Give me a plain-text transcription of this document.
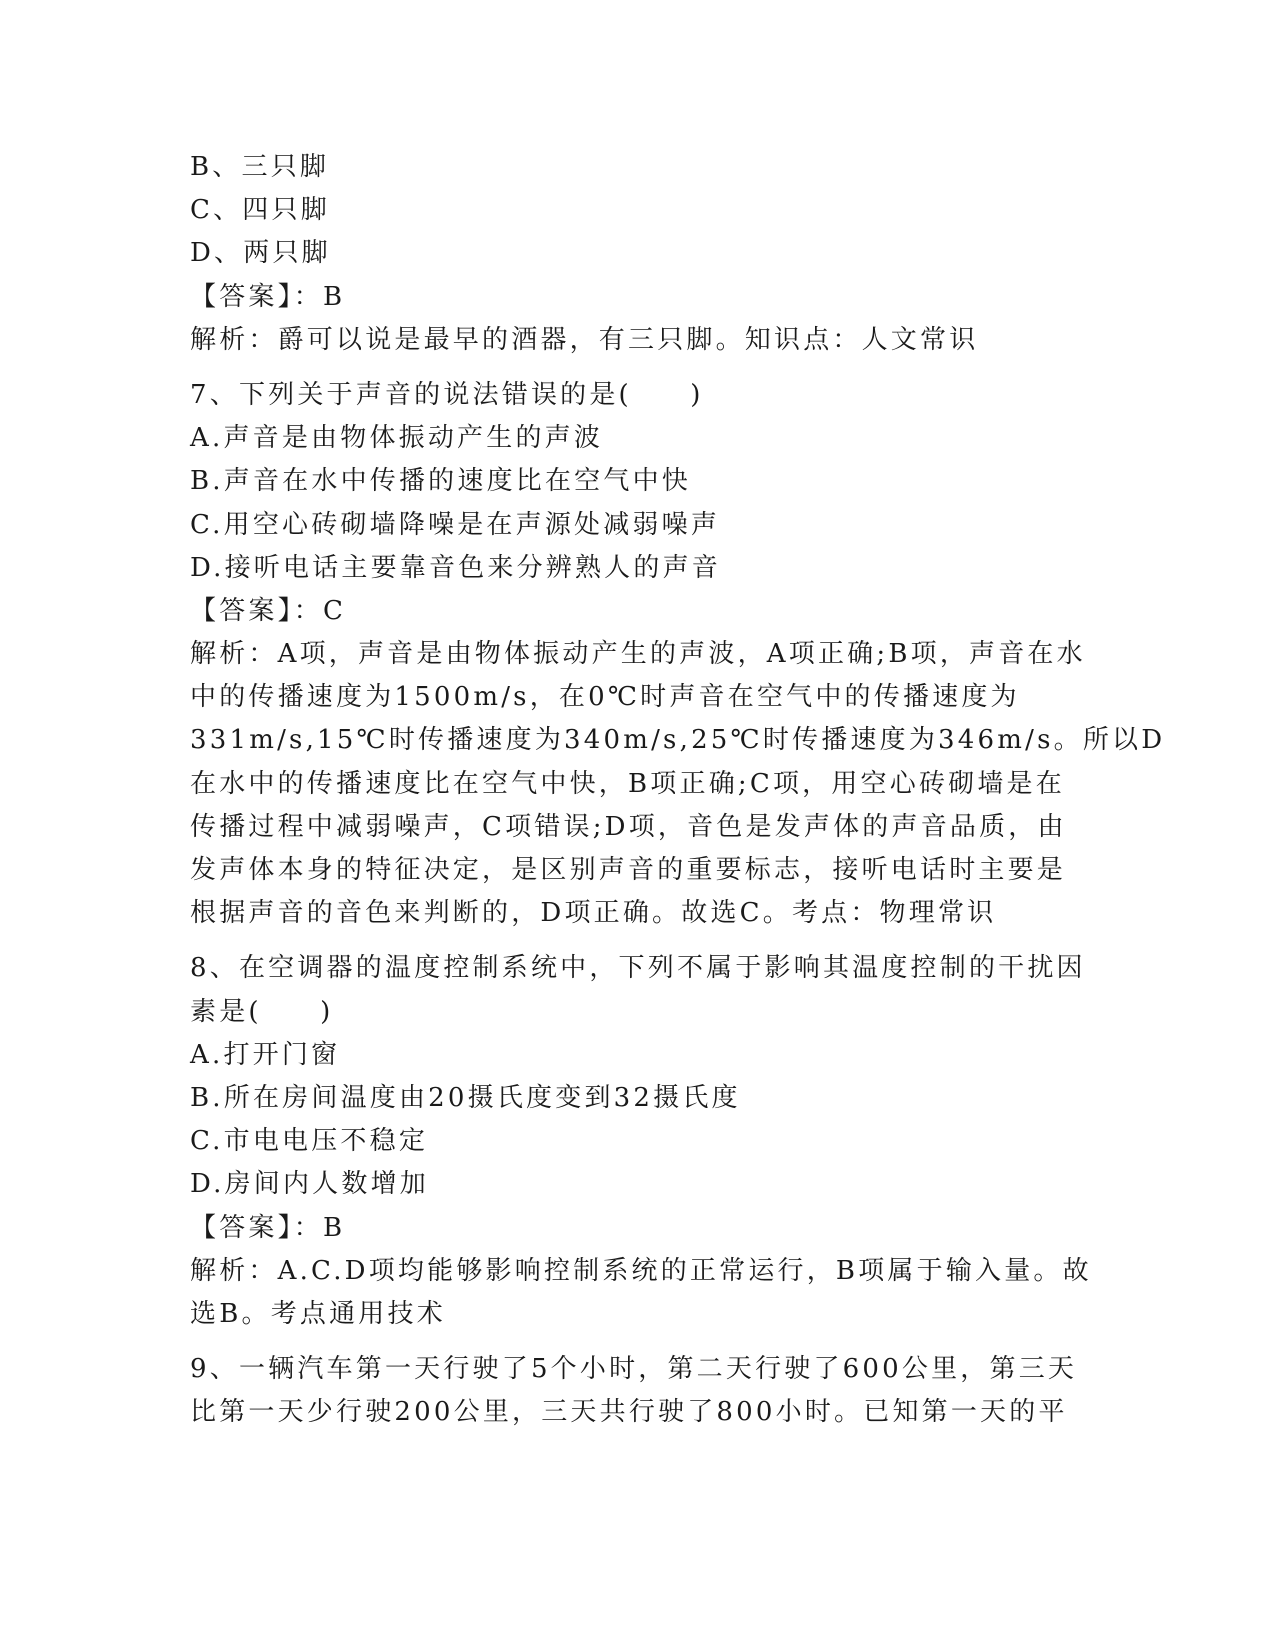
B、三只脚
C、四只脚
D、两只脚
【答案】：B
解析：爵可以说是最早的酒器，有三只脚。知识点：人文常识
7、下列关于声音的说法错误的是(　　)
A.声音是由物体振动产生的声波
B.声音在水中传播的速度比在空气中快
C.用空心砖砌墙降噪是在声源处减弱噪声
D.接听电话主要靠音色来分辨熟人的声音
【答案】：C
解析：A项，声音是由物体振动产生的声波，A项正确;B项，声音在水
中的传播速度为1500m/s，在0℃时声音在空气中的传播速度为
331m/s,15℃时传播速度为340m/s,25℃时传播速度为346m/s。所以D
在水中的传播速度比在空气中快，B项正确;C项，用空心砖砌墙是在
传播过程中减弱噪声，C项错误;D项，音色是发声体的声音品质，由
发声体本身的特征决定，是区别声音的重要标志，接听电话时主要是
根据声音的音色来判断的，D项正确。故选C。考点：物理常识
8、在空调器的温度控制系统中，下列不属于影响其温度控制的干扰因
素是(　　)
A.打开门窗
B.所在房间温度由20摄氏度变到32摄氏度
C.市电电压不稳定
D.房间内人数增加
【答案】：B
解析：A.C.D项均能够影响控制系统的正常运行，B项属于输入量。故
选B。考点通用技术
9、一辆汽车第一天行驶了5个小时，第二天行驶了600公里，第三天
比第一天少行驶200公里，三天共行驶了800小时。已知第一天的平
